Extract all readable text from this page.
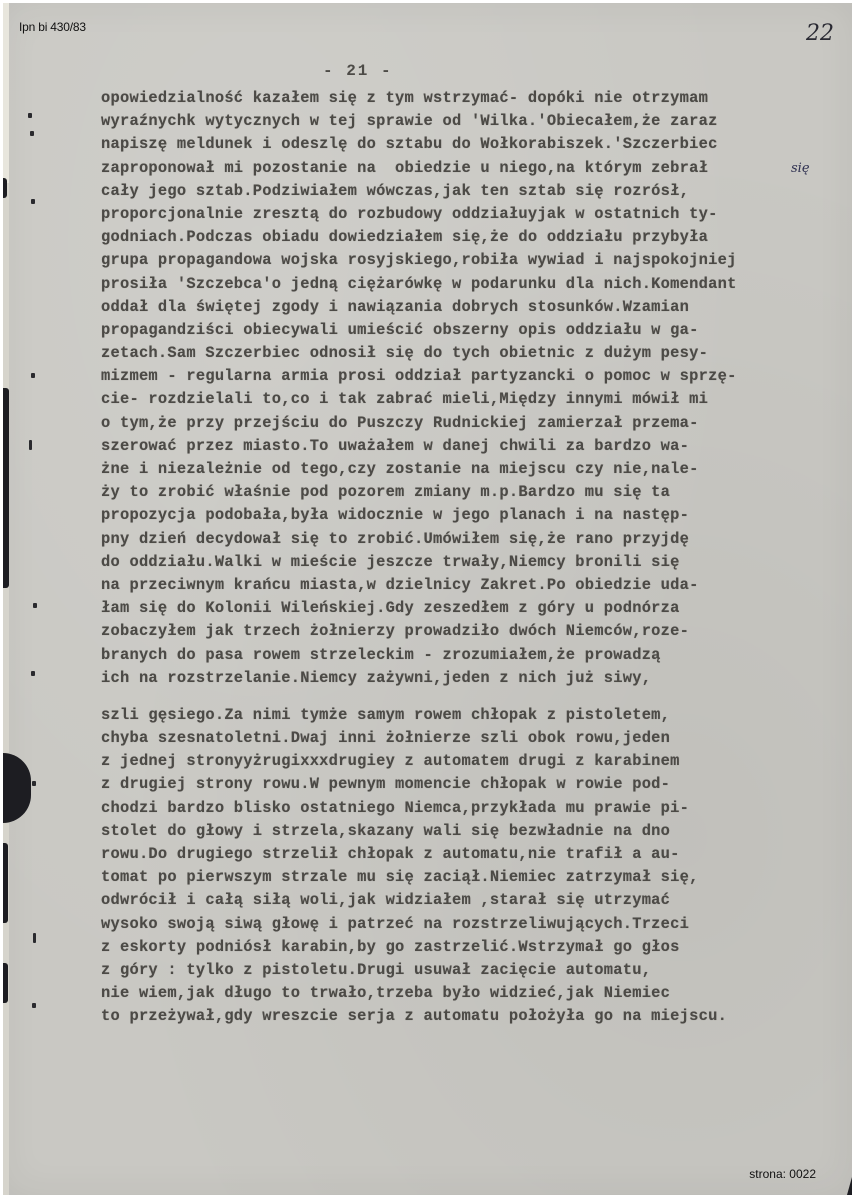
Ipn bi 430/83	22
- 21 -
opowiedzialność kazałem się z tym wstrzymać- dopóki nie otrzymam
wyraźnychk wytycznych w tej sprawie od 'Wilka.'Obiecałem,że zaraz
napiszę meldunek i odeszlę do sztabu do Wołkorabiszek.'Szczerbiec
zaproponował mi pozostanie na  obiedzie u niego,na którym zebrał
cały jego sztab.Podziwiałem wówczas,jak ten sztab się rozrósł,
proporcjonalnie zresztą do rozbudowy oddziałuyjak w ostatnich ty-
godniach.Podczas obiadu dowiedziałem się,że do oddziału przybyła
grupa propagandowa wojska rosyjskiego,robiła wywiad i najspokojniej
prosiła 'Szczebca'o jedną ciężarówkę w podarunku dla nich.Komendant
oddał dla świętej zgody i nawiązania dobrych stosunków.Wzamian
propagandziści obiecywali umieścić obszerny opis oddziału w ga-
zetach.Sam Szczerbiec odnosił się do tych obietnic z dużym pesy-
mizmem - regularna armia prosi oddział partyzancki o pomoc w sprzę-
cie- rozdzielali to,co i tak zabrać mieli,Między innymi mówił mi
o tym,że przy przejściu do Puszczy Rudnickiej zamierzał przema-
szerować przez miasto.To uważałem w danej chwili za bardzo wa-
żne i niezależnie od tego,czy zostanie na miejscu czy nie,nale-
ży to zrobić właśnie pod pozorem zmiany m.p.Bardzo mu się ta
propozycja podobała,była widocznie w jego planach i na następ-
pny dzień decydował się to zrobić.Umówiłem się,że rano przyjdę
do oddziału.Walki w mieście jeszcze trwały,Niemcy bronili się
na przeciwnym krańcu miasta,w dzielnicy Zakret.Po obiedzie uda-
łam się do Kolonii Wileńskiej.Gdy zeszedłem z góry u podnórza
zobaczyłem jak trzech żołnierzy prowadziło dwóch Niemców,roze-
branych do pasa rowem strzeleckim - zrozumiałem,że prowadzą
ich na rozstrzelanie.Niemcy zażywni,jeden z nich już siwy,
szli gęsiego.Za nimi tymże samym rowem chłopak z pistoletem,
chyba szesnatoletni.Dwaj inni żołnierze szli obok rowu,jeden
z jednej stronyyżrugixxxdrugiey z automatem drugi z karabinem
z drugiej strony rowu.W pewnym momencie chłopak w rowie pod-
chodzi bardzo blisko ostatniego Niemca,przykłada mu prawie pi-
stolet do głowy i strzela,skazany wali się bezwładnie na dno
rowu.Do drugiego strzelił chłopak z automatu,nie trafił a au-
tomat po pierwszym strzale mu się zaciął.Niemiec zatrzymał się,
odwrócił i całą siłą woli,jak widziałem ,starał się utrzymać
wysoko swoją siwą głowę i patrzeć na rozstrzeliwujących.Trzeci
z eskorty podniósł karabin,by go zastrzelić.Wstrzymał go głos
z góry : tylko z pistoletu.Drugi usuwał zacięcie automatu,
nie wiem,jak długo to trwało,trzeba było widzieć,jak Niemiec
to przeżywał,gdy wreszcie serja z automatu położyła go na miejscu.
się
strona: 0022
